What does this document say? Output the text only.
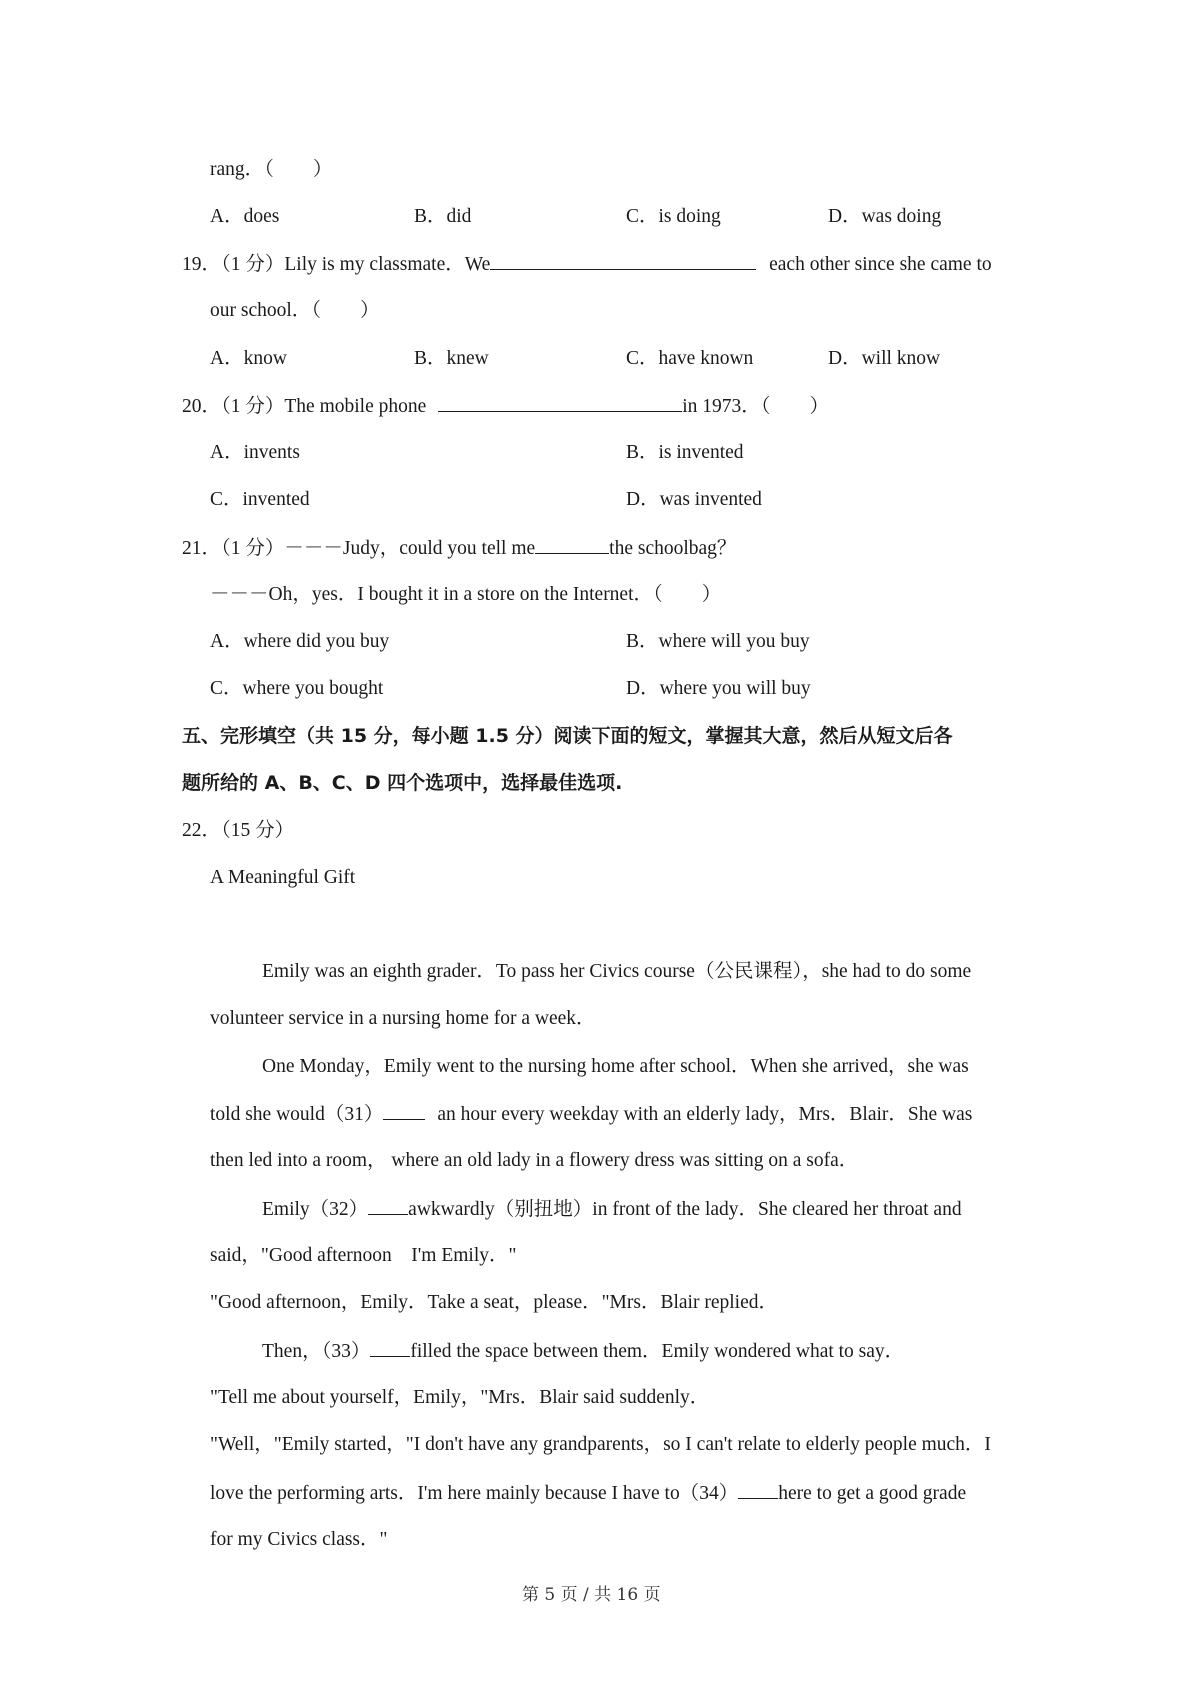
rang．（　　）
A．does	B．did	C．is doing	D．was doing
19．（1 分）Lily is my classmate．We	each other since she came to
our school．（　　）
A．know	B．knew	C．have known	D．will know
20．（1 分）The mobile phone	in 1973．（　　）
A．invents	B．is invented
C．invented	D．was invented
21．（1 分）－－－Judy，could you tell me	the schoolbag？
－－－Oh，yes．I bought it in a store on the Internet．（　　）
A．where did you buy	B．where will you buy
C．where you bought	D．where you will buy
五、完形填空（共 15 分，每小题 1.5 分）阅读下面的短文，掌握其大意，然后从短文后各
题所给的 A、B、C、D 四个选项中，选择最佳选项.
22．（15 分）
A Meaningful Gift
Emily was an eighth grader．To pass her Civics course（公民课程），she had to do some
volunteer service in a nursing home for a week．
One Monday，Emily went to the nursing home after school．When she arrived，she was
told she would（31）	an hour every weekday with an elderly lady，Mrs．Blair．She was
then led into a room， where an old lady in a flowery dress was sitting on a sofa．
Emily（32） awkwardly（别扭地）in front of the lady．She cleared her throat and
said，"Good afternoon　I'm Emily．"
"Good afternoon，Emily．Take a seat，please．"Mrs．Blair replied．
Then，（33） filled the space between them．Emily wondered what to say．
"Tell me about yourself，Emily，"Mrs．Blair said suddenly．
"Well，"Emily started，"I don't have any grandparents，so I can't relate to elderly people much．I
love the performing arts．I'm here mainly because I have to（34） here to get a good grade
for my Civics class．"
第 5 页 / 共 16 页
